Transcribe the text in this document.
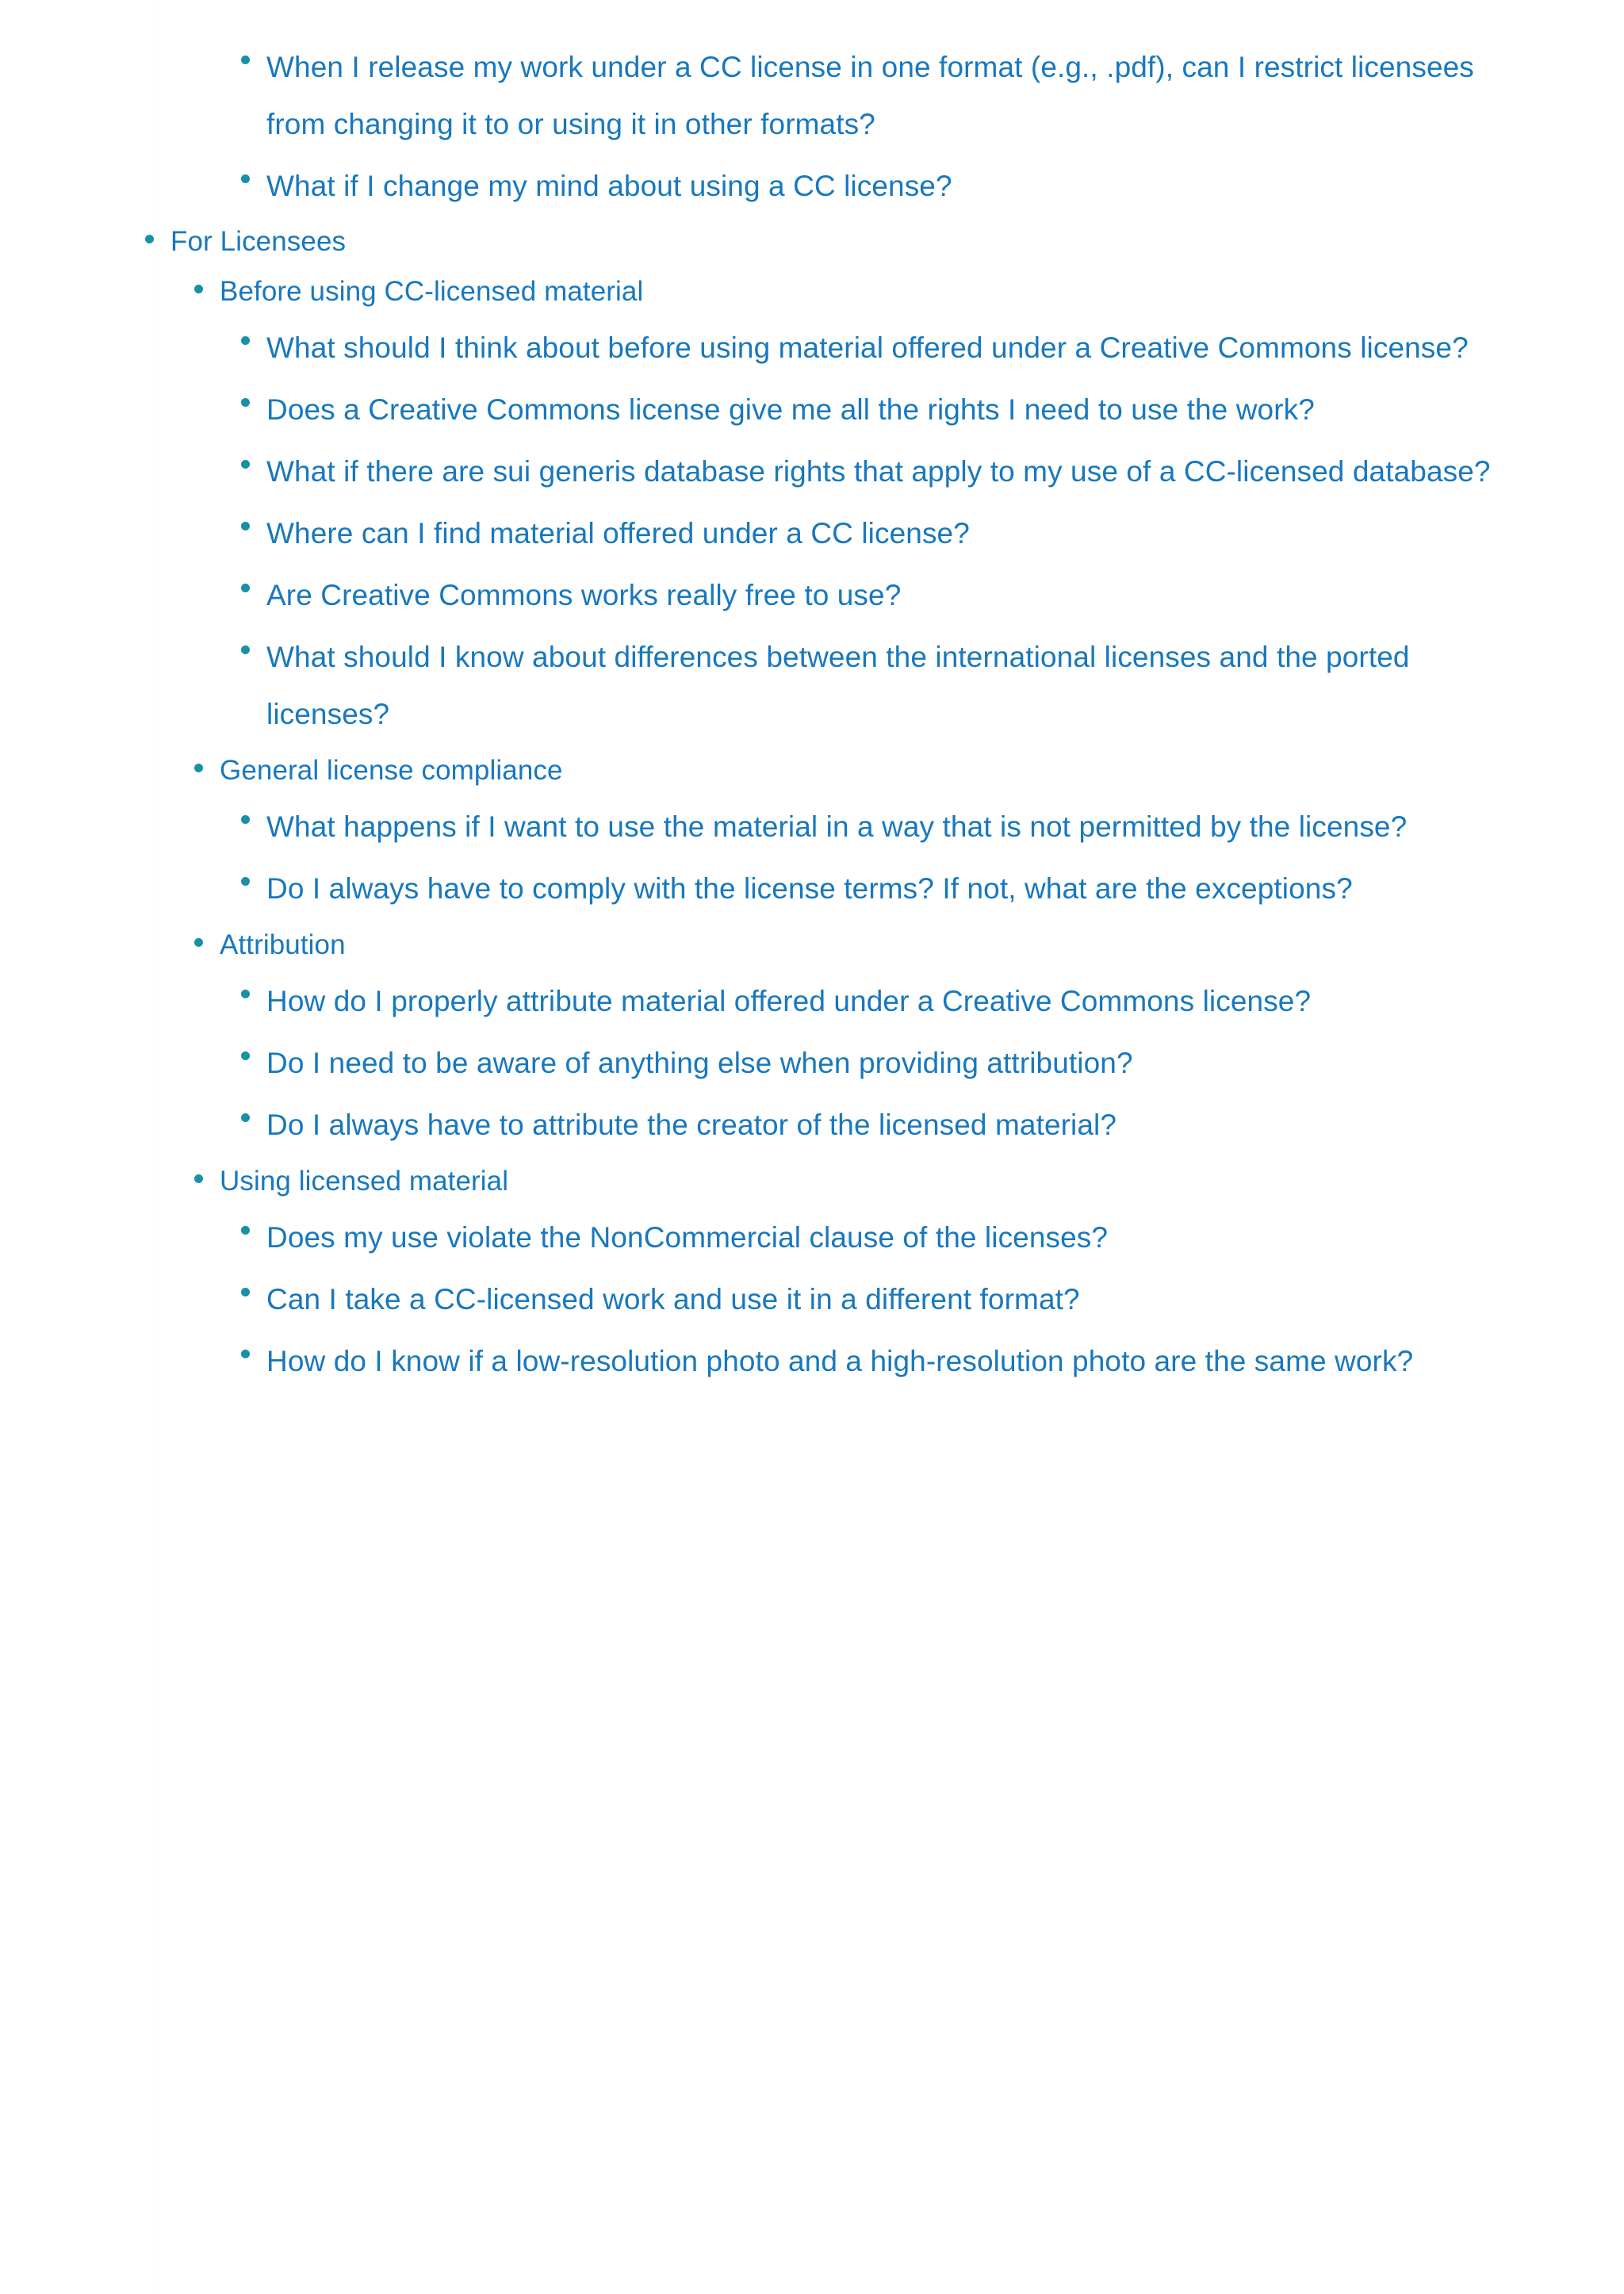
When I release my work under a CC license in one format (e.g., .pdf), can I restrict licensees from changing it to or using it in other formats?
What if I change my mind about using a CC license?
For Licensees
Before using CC-licensed material
What should I think about before using material offered under a Creative Commons license?
Does a Creative Commons license give me all the rights I need to use the work?
What if there are sui generis database rights that apply to my use of a CC-licensed database?
Where can I find material offered under a CC license?
Are Creative Commons works really free to use?
What should I know about differences between the international licenses and the ported licenses?
General license compliance
What happens if I want to use the material in a way that is not permitted by the license?
Do I always have to comply with the license terms? If not, what are the exceptions?
Attribution
How do I properly attribute material offered under a Creative Commons license?
Do I need to be aware of anything else when providing attribution?
Do I always have to attribute the creator of the licensed material?
Using licensed material
Does my use violate the NonCommercial clause of the licenses?
Can I take a CC-licensed work and use it in a different format?
How do I know if a low-resolution photo and a high-resolution photo are the same work?
